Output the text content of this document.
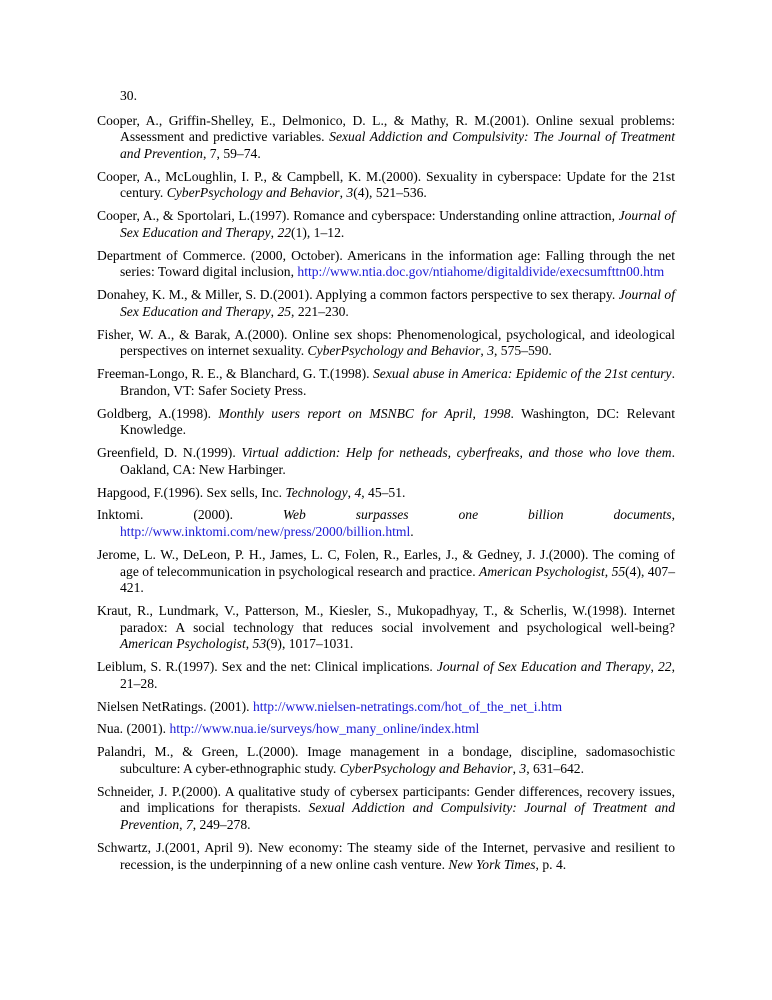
30.
Cooper, A., Griffin-Shelley, E., Delmonico, D. L., & Mathy, R. M.(2001). Online sexual problems: Assessment and predictive variables. Sexual Addiction and Compulsivity: The Journal of Treatment and Prevention, 7, 59–74.
Cooper, A., McLoughlin, I. P., & Campbell, K. M.(2000). Sexuality in cyberspace: Update for the 21st century. CyberPsychology and Behavior, 3(4), 521–536.
Cooper, A., & Sportolari, L.(1997). Romance and cyberspace: Understanding online attraction, Journal of Sex Education and Therapy, 22(1), 1–12.
Department of Commerce. (2000, October). Americans in the information age: Falling through the net series: Toward digital inclusion, http://www.ntia.doc.gov/ntiahome/digitaldivide/execsumfttn00.htm
Donahey, K. M., & Miller, S. D.(2001). Applying a common factors perspective to sex therapy. Journal of Sex Education and Therapy, 25, 221–230.
Fisher, W. A., & Barak, A.(2000). Online sex shops: Phenomenological, psychological, and ideological perspectives on internet sexuality. CyberPsychology and Behavior, 3, 575–590.
Freeman-Longo, R. E., & Blanchard, G. T.(1998). Sexual abuse in America: Epidemic of the 21st century. Brandon, VT: Safer Society Press.
Goldberg, A.(1998). Monthly users report on MSNBC for April, 1998. Washington, DC: Relevant Knowledge.
Greenfield, D. N.(1999). Virtual addiction: Help for netheads, cyberfreaks, and those who love them. Oakland, CA: New Harbinger.
Hapgood, F.(1996). Sex sells, Inc. Technology, 4, 45–51.
Inktomi. (2000). Web surpasses one billion documents, http://www.inktomi.com/new/press/2000/billion.html.
Jerome, L. W., DeLeon, P. H., James, L. C, Folen, R., Earles, J., & Gedney, J. J.(2000). The coming of age of telecommunication in psychological research and practice. American Psychologist, 55(4), 407–421.
Kraut, R., Lundmark, V., Patterson, M., Kiesler, S., Mukopadhyay, T., & Scherlis, W.(1998). Internet paradox: A social technology that reduces social involvement and psychological well-being? American Psychologist, 53(9), 1017–1031.
Leiblum, S. R.(1997). Sex and the net: Clinical implications. Journal of Sex Education and Therapy, 22, 21–28.
Nielsen NetRatings. (2001). http://www.nielsen-netratings.com/hot_of_the_net_i.htm
Nua. (2001). http://www.nua.ie/surveys/how_many_online/index.html
Palandri, M., & Green, L.(2000). Image management in a bondage, discipline, sadomasochistic subculture: A cyber-ethnographic study. CyberPsychology and Behavior, 3, 631–642.
Schneider, J. P.(2000). A qualitative study of cybersex participants: Gender differences, recovery issues, and implications for therapists. Sexual Addiction and Compulsivity: Journal of Treatment and Prevention, 7, 249–278.
Schwartz, J.(2001, April 9). New economy: The steamy side of the Internet, pervasive and resilient to recession, is the underpinning of a new online cash venture. New York Times, p. 4.
